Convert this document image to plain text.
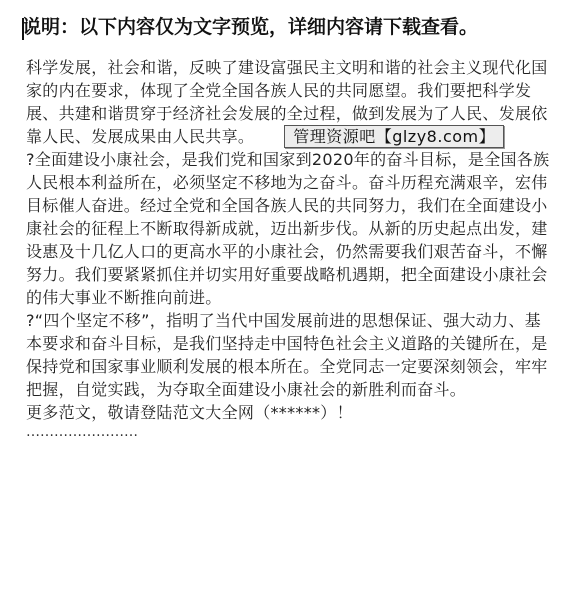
说明：以下内容仅为文字预览，详细内容请下载查看。

科学发展，社会和谐，反映了建设富强民主文明和谐的社会主义现代化国家的内在要求，体现了全党全国各族人民的共同愿望。我们要把科学发展、共建和谐贯穿于经济社会发展的全过程，做到发展为了人民、发展依靠人民、发展成果由人民共享。 管理资源吧【glzy8.com】

?全面建设小康社会，是我们党和国家到2020年的奋斗目标，是全国各族人民根本利益所在，必须坚定不移地为之奋斗。奋斗历程充满艰辛，宏伟目标催人奋进。经过全党和全国各族人民的共同努力，我们在全面建设小康社会的征程上不断取得新成就，迈出新步伐。从新的历史起点出发，建设惠及十几亿人口的更高水平的小康社会，仍然需要我们艰苦奋斗，不懈努力。我们要紧紧抓住并切实用好重要战略机遇期，把全面建设小康社会的伟大事业不断推向前进。

?“四个坚定不移”，指明了当代中国发展前进的思想保证、强大动力、基本要求和奋斗目标，是我们坚持走中国特色社会主义道路的关键所在，是保持党和国家事业顺利发展的根本所在。全党同志一定要深刻领会，牢牢把握，自觉实践，为夺取全面建设小康社会的新胜利而奋斗。

更多范文，敬请登陆范文大全网（******）！

……………………
